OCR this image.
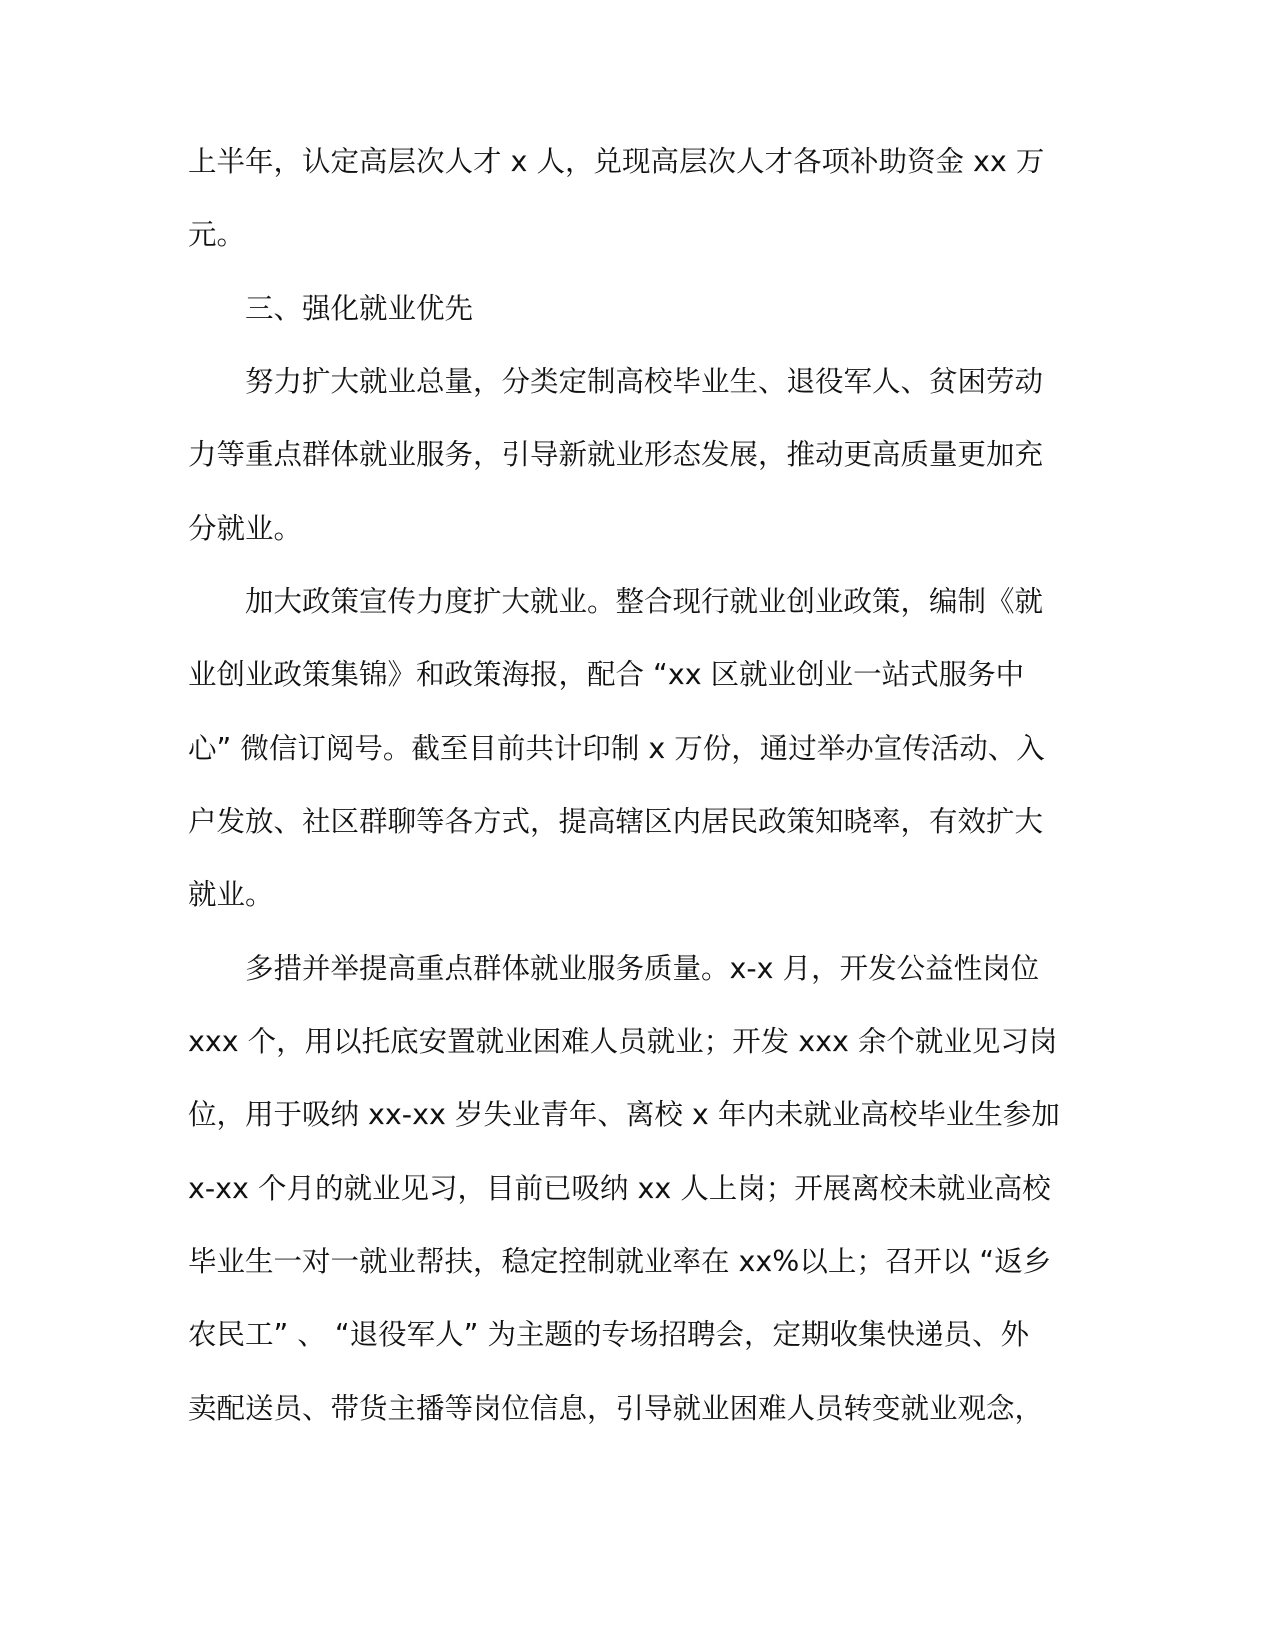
上半年，认定高层次人才 x 人，兑现高层次人才各项补助资金 xx 万
元。
三、强化就业优先
努力扩大就业总量，分类定制高校毕业生、退役军人、贫困劳动
力等重点群体就业服务，引导新就业形态发展，推动更高质量更加充
分就业。
加大政策宣传力度扩大就业。整合现行就业创业政策，编制《就
业创业政策集锦》和政策海报，配合 “xx 区就业创业一站式服务中
心” 微信订阅号。截至目前共计印制 x 万份，通过举办宣传活动、入
户发放、社区群聊等各方式，提高辖区内居民政策知晓率，有效扩大
就业。
多措并举提高重点群体就业服务质量。x-x 月，开发公益性岗位
xxx 个，用以托底安置就业困难人员就业；开发 xxx 余个就业见习岗
位，用于吸纳 xx-xx 岁失业青年、离校 x 年内未就业高校毕业生参加
x-xx 个月的就业见习，目前已吸纳 xx 人上岗；开展离校未就业高校
毕业生一对一就业帮扶，稳定控制就业率在 xx%以上；召开以 “返乡
农民工” 、 “退役军人” 为主题的专场招聘会，定期收集快递员、外
卖配送员、带货主播等岗位信息，引导就业困难人员转变就业观念，
